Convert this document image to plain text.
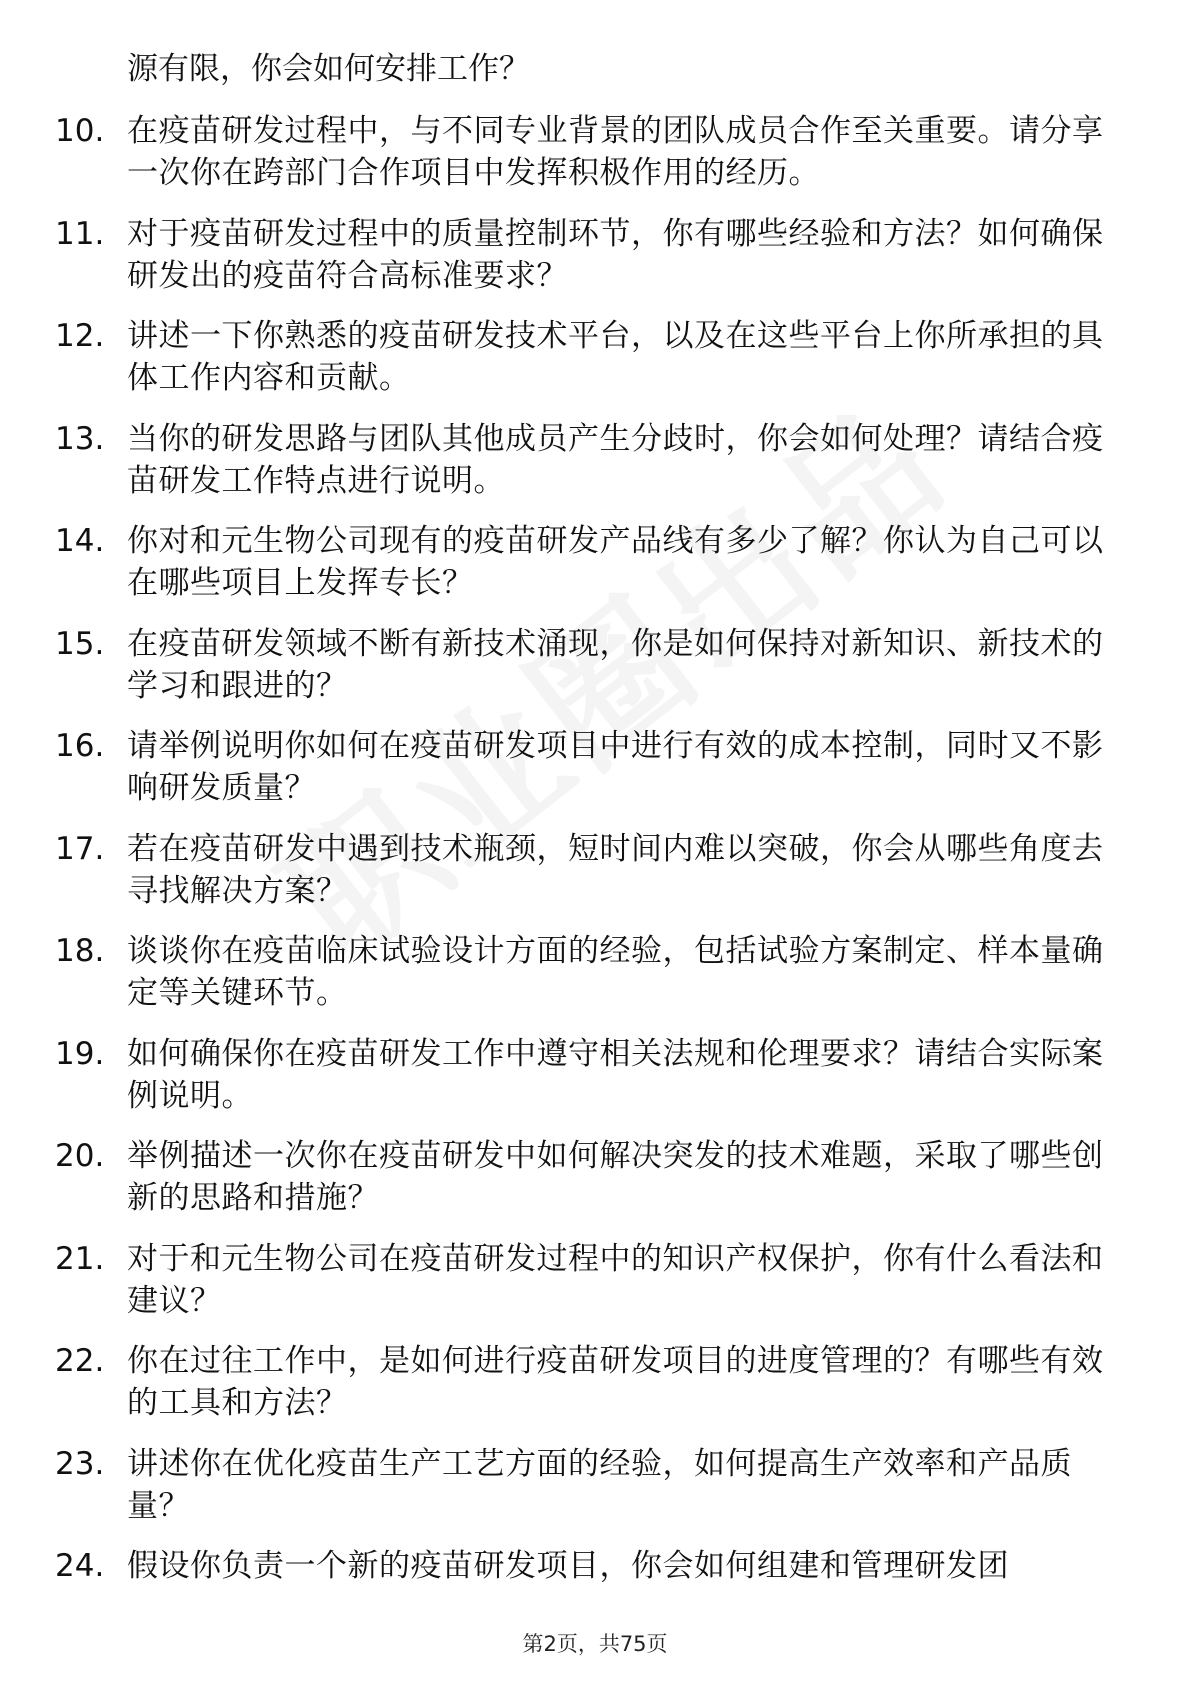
源有限，你会如何安排工作？

10. 在疫苗研发过程中，与不同专业背景的团队成员合作至关重要。请分享一次你在跨部门合作项目中发挥积极作用的经历。
11. 对于疫苗研发过程中的质量控制环节，你有哪些经验和方法？如何确保研发出的疫苗符合高标准要求？
12. 讲述一下你熟悉的疫苗研发技术平台，以及在这些平台上你所承担的具体工作内容和贡献。
13. 当你的研发思路与团队其他成员产生分歧时，你会如何处理？请结合疫苗研发工作特点进行说明。
14. 你对和元生物公司现有的疫苗研发产品线有多少了解？你认为自己可以在哪些项目上发挥专长？
15. 在疫苗研发领域不断有新技术涌现，你是如何保持对新知识、新技术的学习和跟进的？
16. 请举例说明你如何在疫苗研发项目中进行有效的成本控制，同时又不影响研发质量？
17. 若在疫苗研发中遇到技术瓶颈，短时间内难以突破，你会从哪些角度去寻找解决方案？
18. 谈谈你在疫苗临床试验设计方面的经验，包括试验方案制定、样本量确定等关键环节。
19. 如何确保你在疫苗研发工作中遵守相关法规和伦理要求？请结合实际案例说明。
20. 举例描述一次你在疫苗研发中如何解决突发的技术难题，采取了哪些创新的思路和措施？
21. 对于和元生物公司在疫苗研发过程中的知识产权保护，你有什么看法和建议？
22. 你在过往工作中，是如何进行疫苗研发项目的进度管理的？有哪些有效的工具和方法？
23. 讲述你在优化疫苗生产工艺方面的经验，如何提高生产效率和产品质量？
24. 假设你负责一个新的疫苗研发项目，你会如何组建和管理研发团
第2页，共75页
